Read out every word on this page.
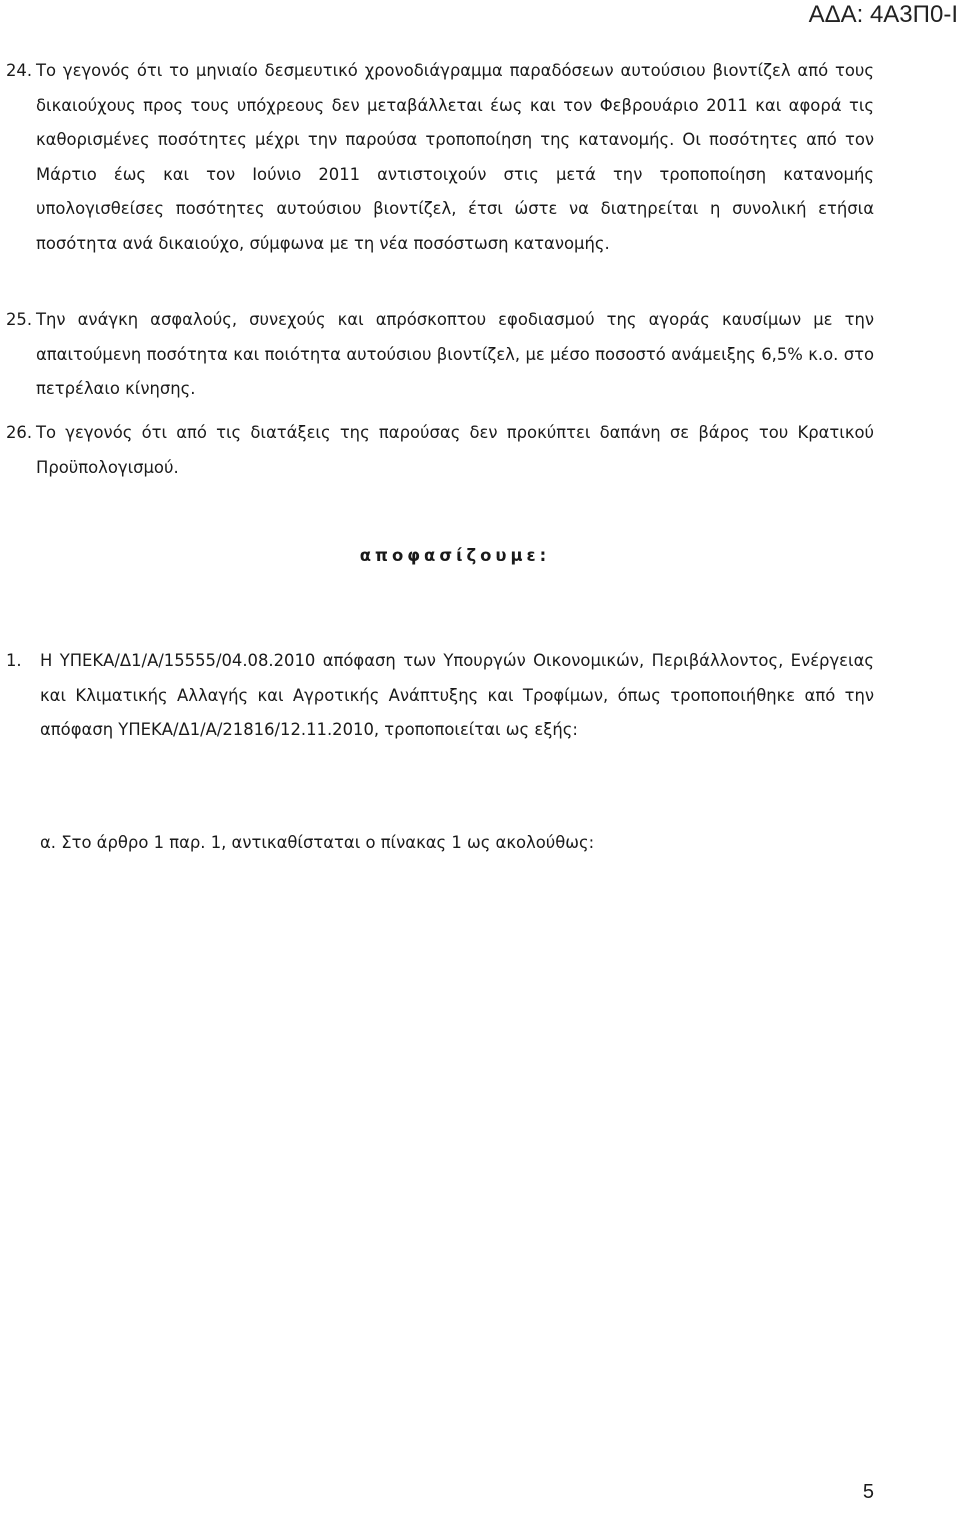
ΑΔΑ: 4Α3Π0-Ι
24. Το γεγονός ότι το μηνιαίο δεσμευτικό χρονοδιάγραμμα παραδόσεων αυτούσιου βιοντίζελ από τους δικαιούχους προς τους υπόχρεους δεν μεταβάλλεται έως και τον Φεβρουάριο 2011 και αφορά τις καθορισμένες ποσότητες μέχρι την παρούσα τροποποίηση της κατανομής. Οι ποσότητες από τον Μάρτιο έως και τον Ιούνιο 2011 αντιστοιχούν στις μετά την τροποποίηση κατανομής υπολογισθείσες ποσότητες αυτούσιου βιοντίζελ, έτσι ώστε να διατηρείται η συνολική ετήσια ποσότητα ανά δικαιούχο, σύμφωνα με τη νέα ποσόστωση κατανομής.
25. Την ανάγκη ασφαλούς, συνεχούς και απρόσκοπτου εφοδιασμού της αγοράς καυσίμων με την απαιτούμενη ποσότητα και ποιότητα αυτούσιου βιοντίζελ, με μέσο ποσοστό ανάμειξης 6,5% κ.ο. στο πετρέλαιο κίνησης.
26. Το γεγονός ότι από τις διατάξεις της παρούσας δεν προκύπτει δαπάνη σε βάρος του Κρατικού Προϋπολογισμού.
αποφασίζουμε:
1. Η ΥΠΕΚΑ/Δ1/Α/15555/04.08.2010 απόφαση των Υπουργών Οικονομικών, Περιβάλλοντος, Ενέργειας και Κλιματικής Αλλαγής και Αγροτικής Ανάπτυξης και Τροφίμων, όπως τροποποιήθηκε από την απόφαση ΥΠΕΚΑ/Δ1/Α/21816/12.11.2010, τροποποιείται ως εξής:
α. Στο άρθρο 1 παρ. 1, αντικαθίσταται ο πίνακας 1 ως ακολούθως:
5
